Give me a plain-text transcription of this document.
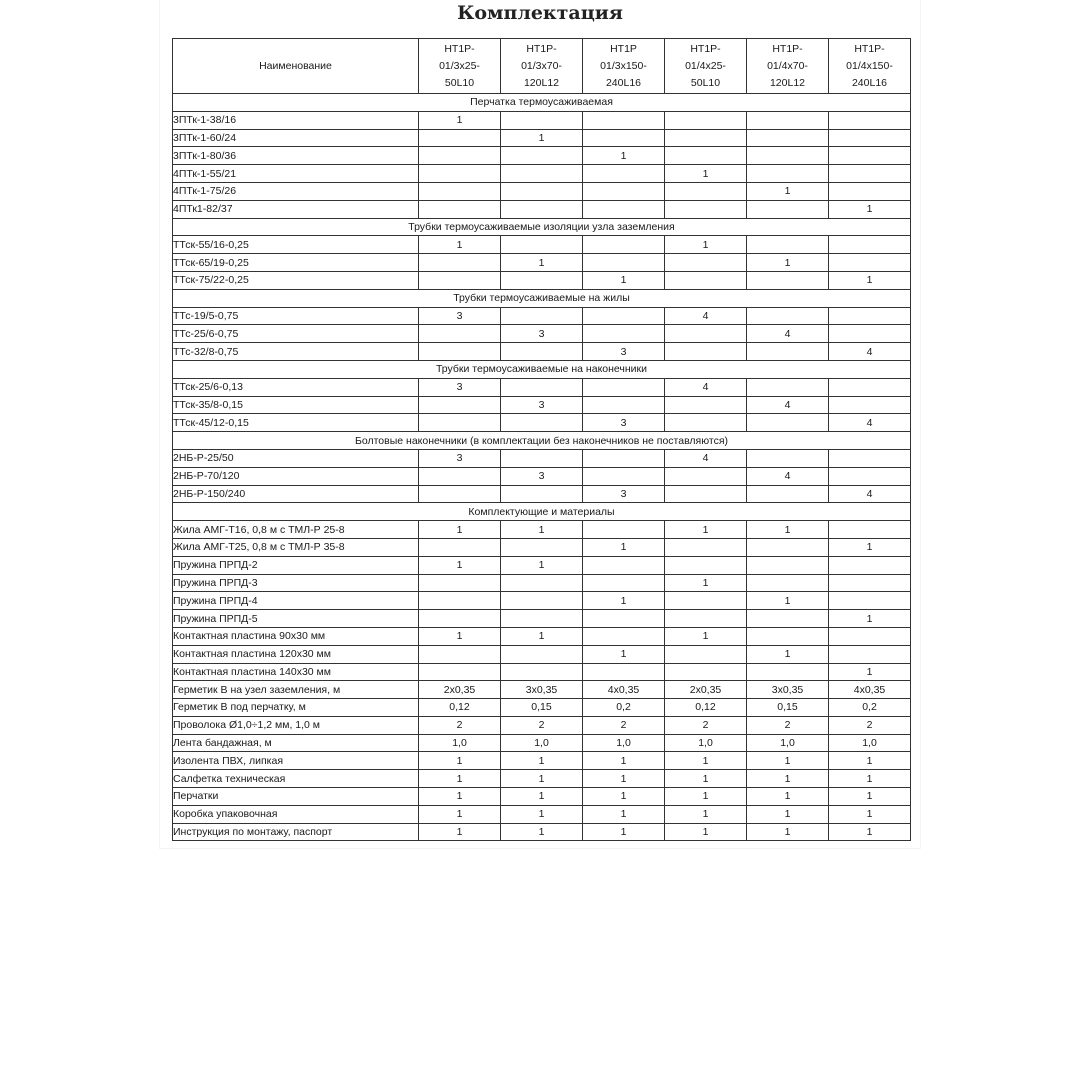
Комплектация
Наименование	НТ1Р-
01/3х25-
50L10	НТ1Р-
01/3х70-
120L12	НТ1Р
01/3х150-
240L16	НТ1Р-
01/4х25-
50L10	НТ1Р-
01/4х70-
120L12	НТ1Р-
01/4х150-
240L16
Перчатка термоусаживаемая						
3ПТк-1-38/16	1					
3ПТк-1-60/24		1				
3ПТк-1-80/36			1			
4ПТк-1-55/21				1		
4ПТк-1-75/26					1	
4ПТк1-82/37						1
Трубки термоусаживаемые изоляции узла заземления						
ТТск-55/16-0,25	1			1		
ТТск-65/19-0,25		1			1	
ТТск-75/22-0,25			1			1
Трубки термоусаживаемые на жилы						
ТТс-19/5-0,75	3			4		
ТТс-25/6-0,75		3			4	
ТТс-32/8-0,75			3			4
Трубки термоусаживаемые на наконечники						
ТТск-25/6-0,13	3			4		
ТТск-35/8-0,15		3			4	
ТТск-45/12-0,15			3			4
Болтовые наконечники (в комплектации без наконечников не поставляются)						
2НБ-Р-25/50	3			4		
2НБ-Р-70/120		3			4	
2НБ-Р-150/240			3			4
Комплектующие и материалы						
Жила АМГ-Т16, 0,8 м с ТМЛ-Р 25-8	1	1		1	1	
Жила АМГ-Т25, 0,8 м с ТМЛ-Р 35-8			1			1
Пружина ПРПД-2	1	1				
Пружина ПРПД-3				1		
Пружина ПРПД-4			1		1	
Пружина ПРПД-5						1
Контактная пластина 90х30 мм	1	1		1		
Контактная пластина 120х30 мм			1		1	
Контактная пластина 140х30 мм						1
Герметик В на узел заземления, м	2х0,35	3х0,35	4х0,35	2х0,35	3х0,35	4х0,35
Герметик В под перчатку, м	0,12	0,15	0,2	0,12	0,15	0,2
Проволока Ø1,0÷1,2 мм, 1,0 м	2	2	2	2	2	2
Лента бандажная, м	1,0	1,0	1,0	1,0	1,0	1,0
Изолента ПВХ, липкая	1	1	1	1	1	1
Салфетка техническая	1	1	1	1	1	1
Перчатки	1	1	1	1	1	1
Коробка упаковочная	1	1	1	1	1	1
Инструкция по монтажу, паспорт	1	1	1	1	1	1
